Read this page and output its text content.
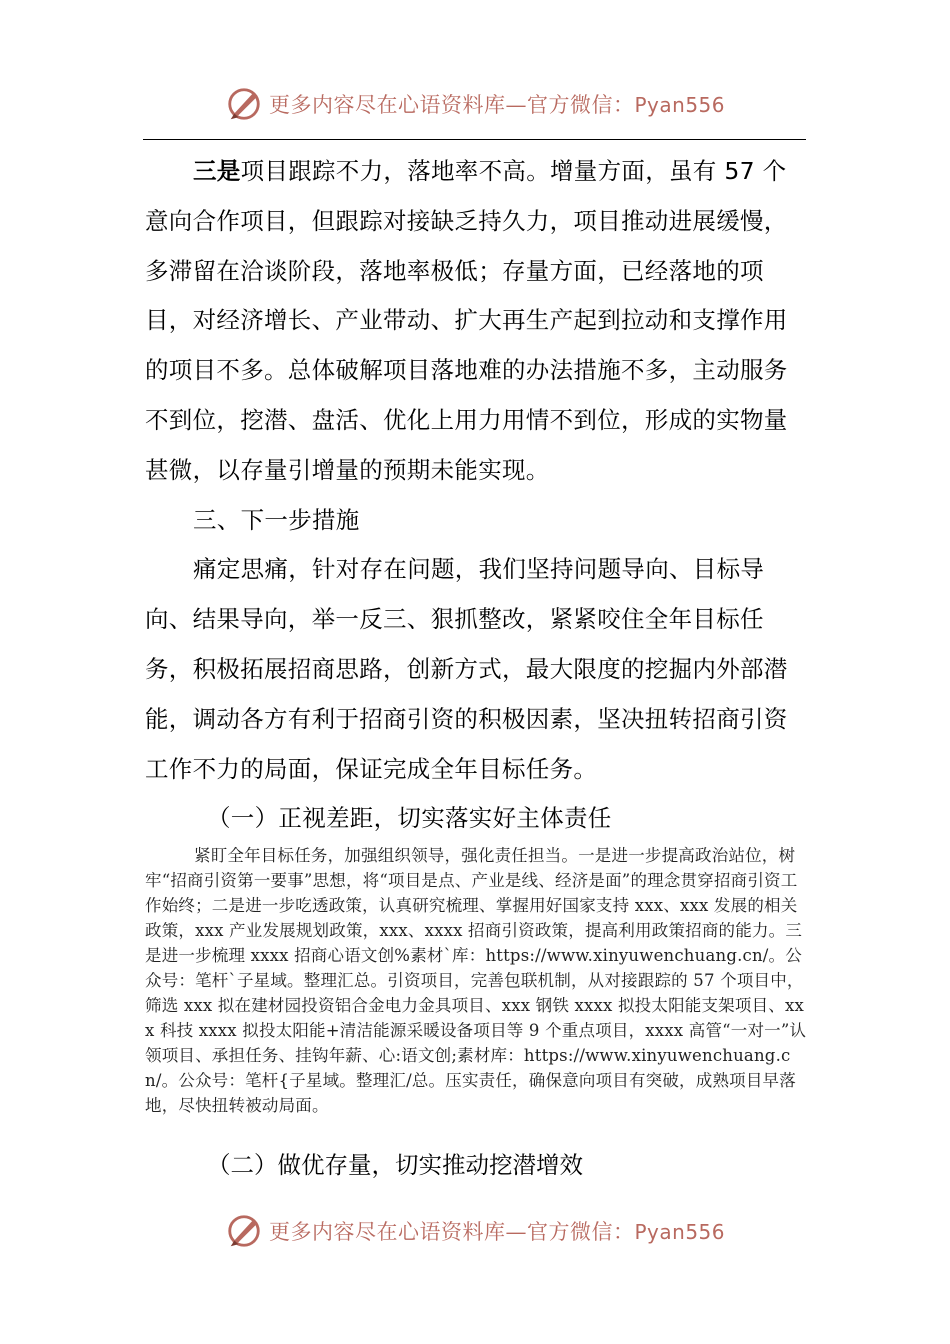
更多内容尽在心语资料库—官方微信：Pyan556

三是项目跟踪不力，落地率不高。增量方面，虽有 57 个意向合作项目，但跟踪对接缺乏持久力，项目推动进展缓慢，多滞留在洽谈阶段，落地率极低；存量方面，已经落地的项目，对经济增长、产业带动、扩大再生产起到拉动和支撑作用的项目不多。总体破解项目落地难的办法措施不多，主动服务不到位，挖潜、盘活、优化上用力用情不到位，形成的实物量甚微，以存量引增量的预期未能实现。

三、下一步措施

痛定思痛，针对存在问题，我们坚持问题导向、目标导向、结果导向，举一反三、狠抓整改，紧紧咬住全年目标任务，积极拓展招商思路，创新方式，最大限度的挖掘内外部潜能，调动各方有利于招商引资的积极因素，坚决扭转招商引资工作不力的局面，保证完成全年目标任务。

（一）正视差距，切实落实好主体责任

紧盯全年目标任务，加强组织领导，强化责任担当。一是进一步提高政治站位，树牢“招商引资第一要事”思想，将“项目是点、产业是线、经济是面”的理念贯穿招商引资工作始终；二是进一步吃透政策，认真研究梳理、掌握用好国家支持 xxx、xxx 发展的相关政策，xxx 产业发展规划政策，xxx、xxxx 招商引资政策，提高利用政策招商的能力。三是进一步梳理 xxxx 招商心语文创%素材`库：https://www.xinyuwenchuang.cn/。公众号：笔杆`子星域。整理汇总。引资项目，完善包联机制，从对接跟踪的 57 个项目中，筛选 xxx 拟在建材园投资铝合金电力金具项目、xxx 钢铁 xxxx 拟投太阳能支架项目、xxx 科技 xxxx 拟投太阳能+清洁能源采暖设备项目等 9 个重点项目，xxxx 高管“一对一”认领项目、承担任务、挂钩年薪、心:语文创;素材库：https://www.xinyuwenchuang.cn/。公众号：笔杆{子星域。整理汇/总。压实责任，确保意向项目有突破，成熟项目早落地，尽快扭转被动局面。

（二）做优存量，切实推动挖潜增效
更多内容尽在心语资料库—官方微信：Pyan556
